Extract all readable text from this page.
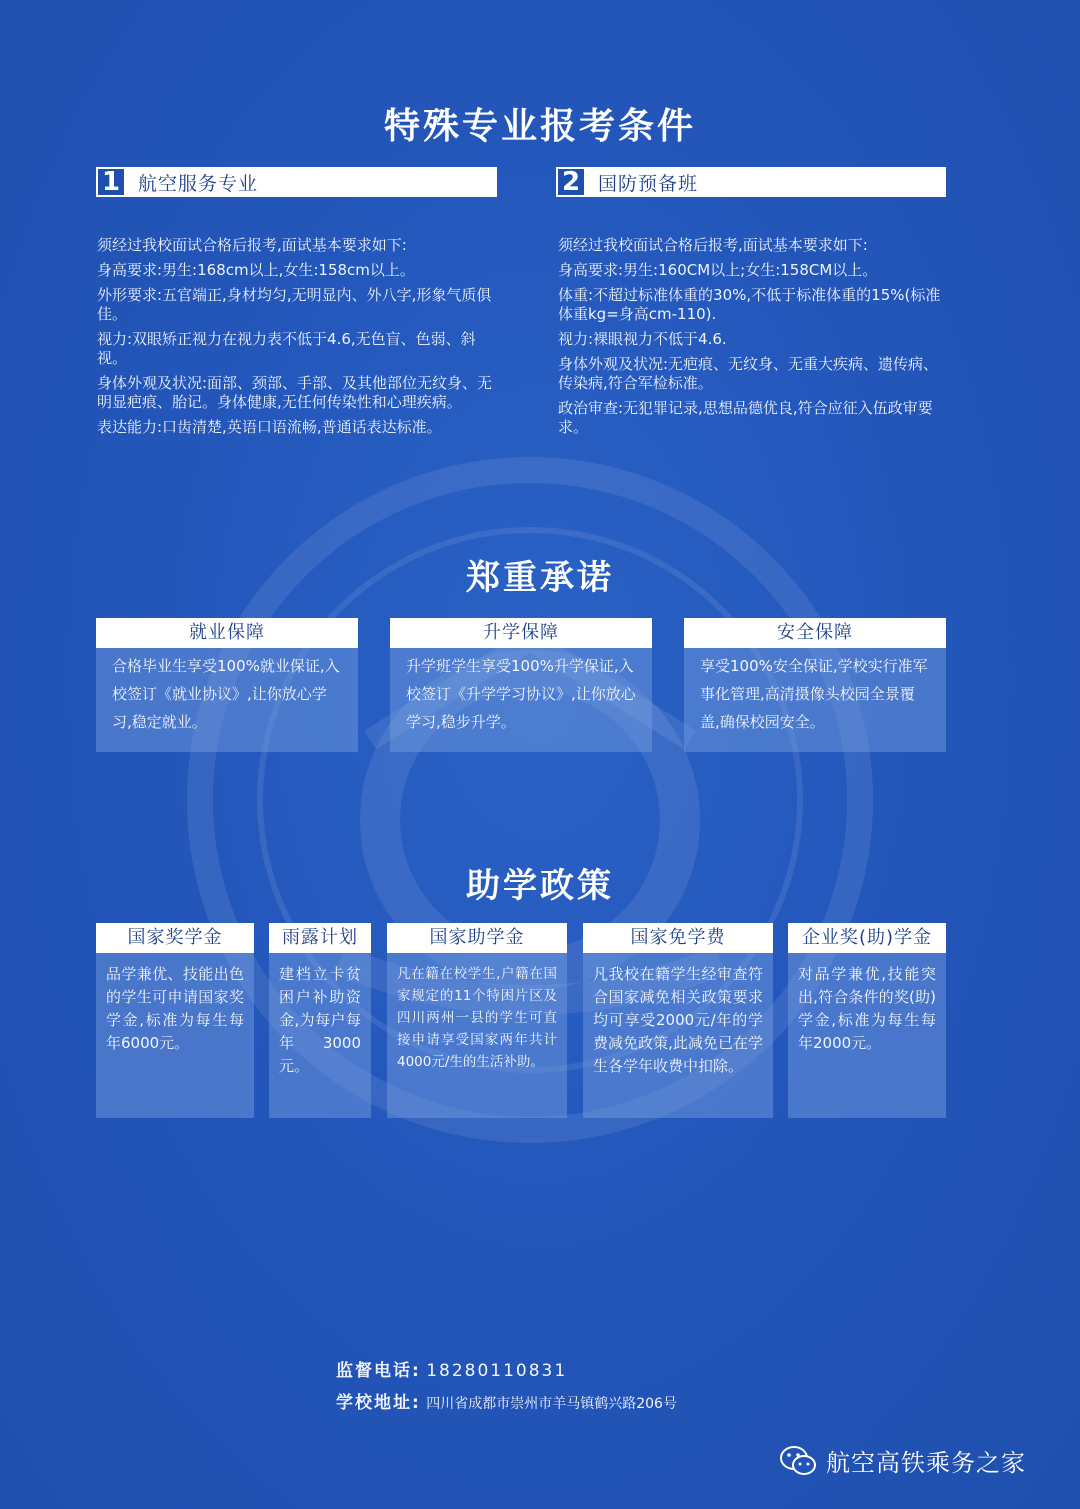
特殊专业报考条件
1 航空服务专业

须经过我校面试合格后报考,面试基本要求如下:

身高要求:男生:168cm以上,女生:158cm以上。

外形要求:五官端正,身材均匀,无明显内、外八字,形象气质俱佳。

视力:双眼矫正视力在视力表不低于4.6,无色盲、色弱、斜视。

身体外观及状况:面部、颈部、手部、及其他部位无纹身、无明显疤痕、胎记。身体健康,无任何传染性和心理疾病。

表达能力:口齿清楚,英语口语流畅,普通话表达标准。

2 国防预备班

须经过我校面试合格后报考,面试基本要求如下:

身高要求:男生:160CM以上;女生:158CM以上。

体重:不超过标准体重的30%,不低于标准体重的15%(标准体重kg=身高cm-110).

视力:裸眼视力不低于4.6.

身体外观及状况:无疤痕、无纹身、无重大疾病、遗传病、传染病,符合军检标准。

政治审查:无犯罪记录,思想品德优良,符合应征入伍政审要求。

郑重承诺
就业保障
合格毕业生享受100%就业保证,入校签订《就业协议》,让你放心学习,稳定就业。
升学保障
升学班学生享受100%升学保证,入校签订《升学学习协议》,让你放心学习,稳步升学。
安全保障
享受100%安全保证,学校实行准军事化管理,高清摄像头校园全景覆盖,确保校园安全。
助学政策
国家奖学金
品学兼优、技能出色的学生可申请国家奖学金,标准为每生每年6000元。
雨露计划
建档立卡贫困户补助资金,为每户每年3000元。
国家助学金
凡在籍在校学生,户籍在国家规定的11个特困片区及四川两州一县的学生可直接申请享受国家两年共计4000元/生的生活补助。
国家免学费
凡我校在籍学生经审查符合国家减免相关政策要求均可享受2000元/年的学费减免政策,此减免已在学生各学年收费中扣除。
企业奖(助)学金
对品学兼优,技能突出,符合条件的奖(助)学金,标准为每生每年2000元。
监督电话: 18280110831
学校地址: 四川省成都市崇州市羊马镇鹤兴路206号
航空高铁乘务之家
